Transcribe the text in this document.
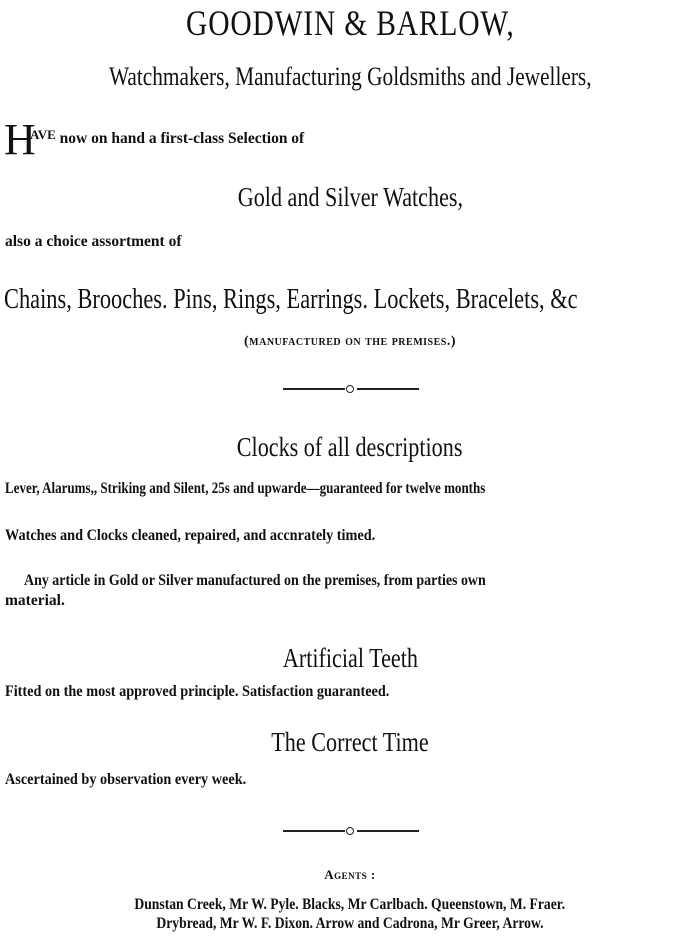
GOODWIN & BARLOW,
Watchmakers, Manufacturing Goldsmiths and Jewellers,
H
$^{AVE}$ now on hand a first-class Selection of
Gold and Silver Watches,
also a choice assortment of
Chains, Brooches. Pins, Rings, Earrings. Lockets, Bracelets, &c
(manufactured on the premises.)
Clocks of all descriptions
Lever, Alarums,, Striking and Silent, 25s and upwarde—guaranteed for twelve months
Watches and Clocks cleaned, repaired, and accnrately timed.
Any article in Gold or Silver manufactured on the premises, from parties own
material.
Artificial Teeth
Fitted on the most approved principle. Satisfaction guaranteed.
The Correct Time
Ascertained by observation every week.
Agents :
Dunstan Creek, Mr W. Pyle. Blacks, Mr Carlbach. Queenstown, M. Fraer.
Drybread, Mr W. F. Dixon. Arrow and Cadrona, Mr Greer, Arrow.
